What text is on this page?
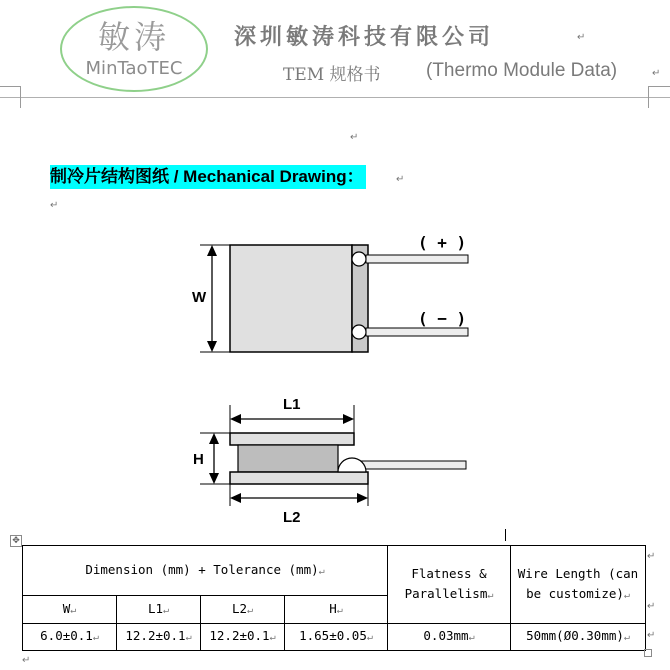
敏涛
MinTaoTEC
深圳敏涛科技有限公司	↵
TEM 规格书 (Thermo Module Data)	↵
↵
制冷片结构图纸 / Mechanical Drawing：	↵
↵
( + )
( − )
W
L1
H
L2
✥
Dimension (mm) + Tolerance (mm)↵				Flatness &
Parallelism↵	Wire Length (can
be customize)↵
W↵	L1↵	L2↵	H↵		
6.0±0.1↵	12.2±0.1↵	12.2±0.1↵	1.65±0.05↵	0.03mm↵	50mm(Ø0.30mm)↵
↵
↵
↵
↵
